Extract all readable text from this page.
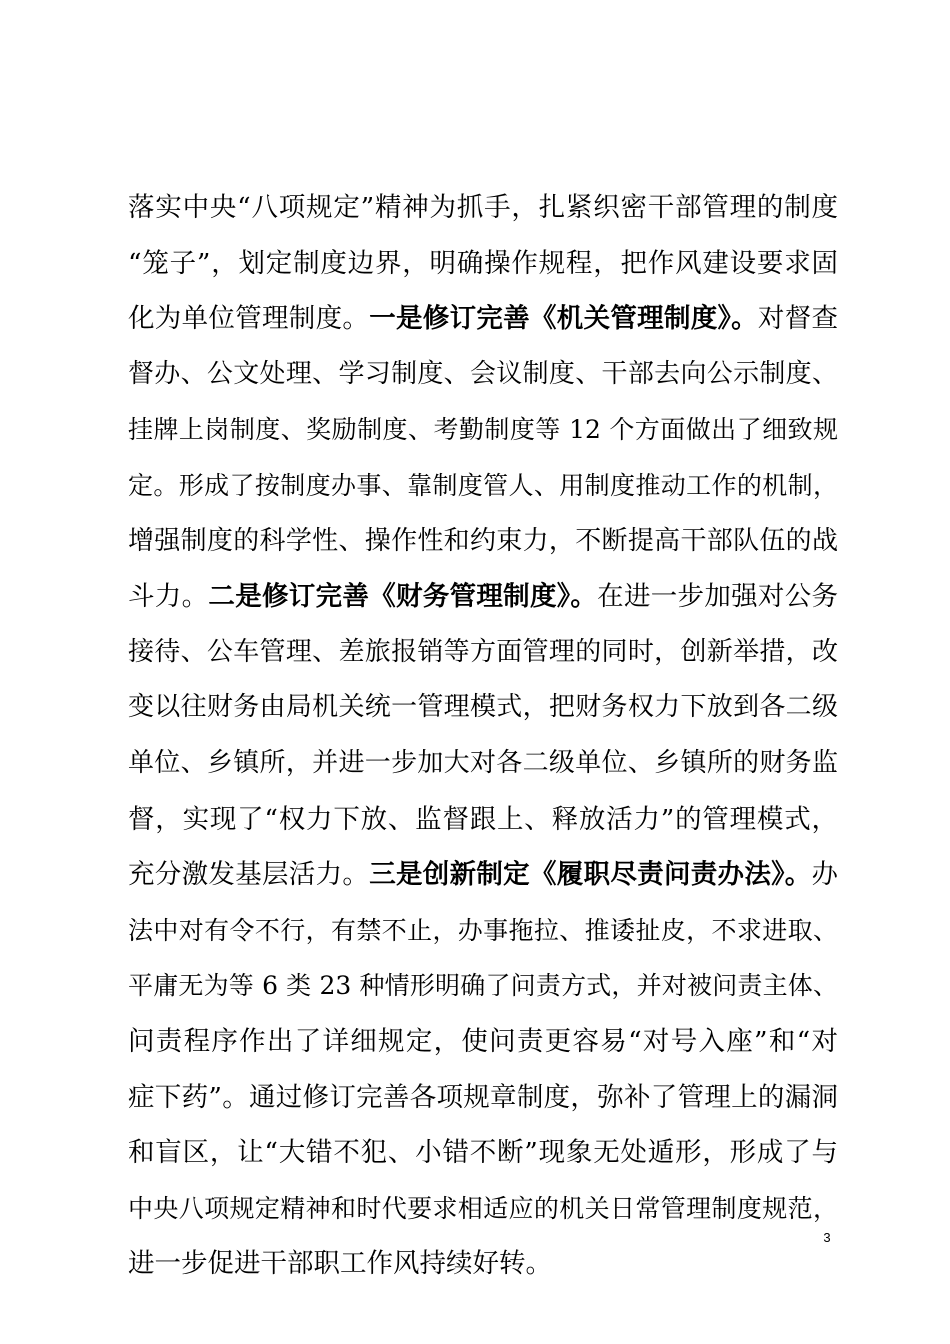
落实中央“八项规定”精神为抓手，扎紧织密干部管理的制度
“笼子”，划定制度边界，明确操作规程，把作风建设要求固
化为单位管理制度。一是修订完善《机关管理制度》。对督查
督办、公文处理、学习制度、会议制度、干部去向公示制度、
挂牌上岗制度、奖励制度、考勤制度等 12 个方面做出了细致规
定。形成了按制度办事、靠制度管人、用制度推动工作的机制，
增强制度的科学性、操作性和约束力，不断提高干部队伍的战
斗力。二是修订完善《财务管理制度》。在进一步加强对公务
接待、公车管理、差旅报销等方面管理的同时，创新举措，改
变以往财务由局机关统一管理模式，把财务权力下放到各二级
单位、乡镇所，并进一步加大对各二级单位、乡镇所的财务监
督，实现了“权力下放、监督跟上、释放活力”的管理模式，
充分激发基层活力。三是创新制定《履职尽责问责办法》。办
法中对有令不行，有禁不止，办事拖拉、推诿扯皮，不求进取、
平庸无为等 6 类 23 种情形明确了问责方式，并对被问责主体、
问责程序作出了详细规定，使问责更容易“对号入座”和“对
症下药”。通过修订完善各项规章制度，弥补了管理上的漏洞
和盲区，让“大错不犯、小错不断”现象无处遁形，形成了与
中央八项规定精神和时代要求相适应的机关日常管理制度规范，
进一步促进干部职工作风持续好转。
3
